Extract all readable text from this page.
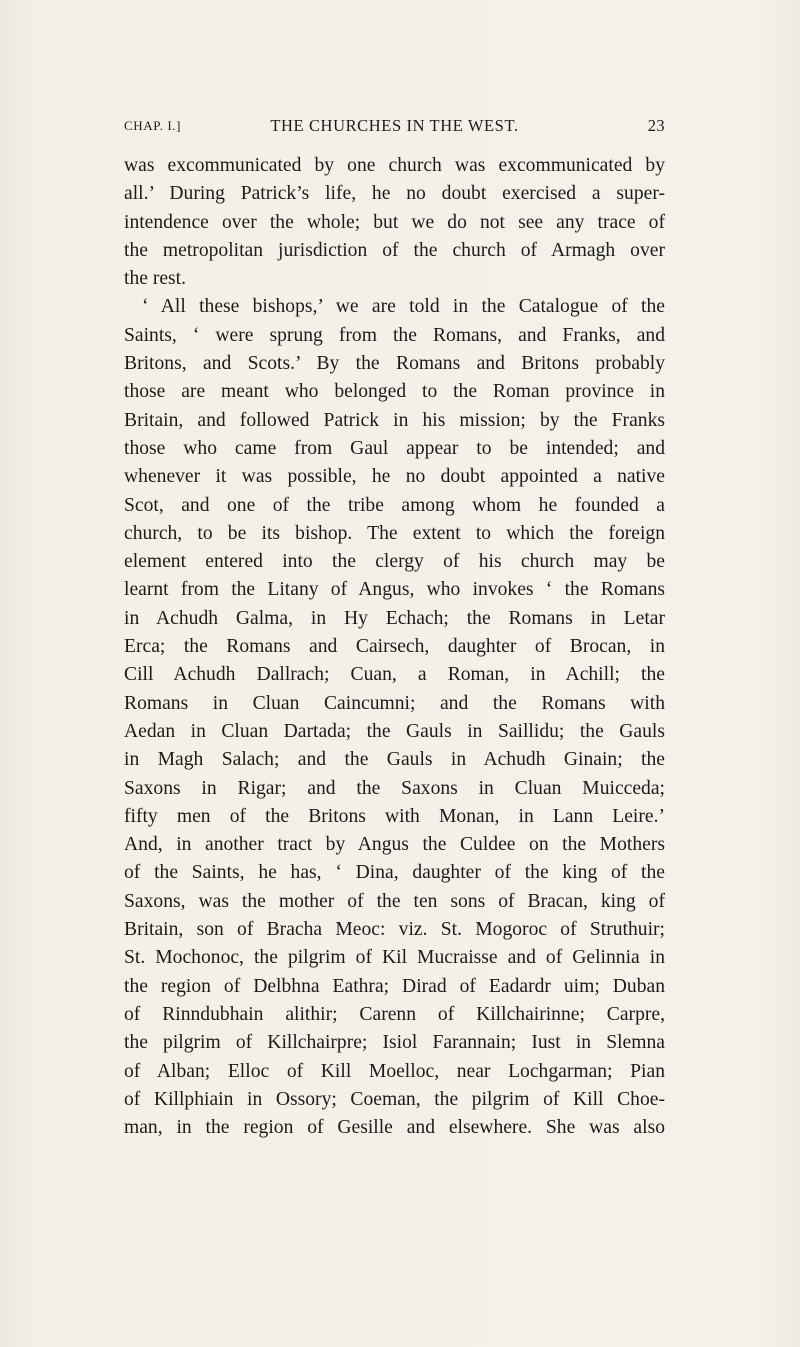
CHAP. I.]	THE CHURCHES IN THE WEST.	23
was excommunicated by one church was excommunicated by
all.’ During Patrick’s life, he no doubt exercised a super-
intendence over the whole; but we do not see any trace of
the metropolitan jurisdiction of the church of Armagh over
the rest.
‘ All these bishops,’ we are told in the Catalogue of the
Saints, ‘ were sprung from the Romans, and Franks, and
Britons, and Scots.’ By the Romans and Britons probably
those are meant who belonged to the Roman province in
Britain, and followed Patrick in his mission; by the Franks
those who came from Gaul appear to be intended; and
whenever it was possible, he no doubt appointed a native
Scot, and one of the tribe among whom he founded a
church, to be its bishop. The extent to which the foreign
element entered into the clergy of his church may be
learnt from the Litany of Angus, who invokes ‘ the Romans
in Achudh Galma, in Hy Echach; the Romans in Letar
Erca; the Romans and Cairsech, daughter of Brocan, in
Cill Achudh Dallrach; Cuan, a Roman, in Achill; the
Romans in Cluan Caincumni; and the Romans with
Aedan in Cluan Dartada; the Gauls in Saillidu; the Gauls
in Magh Salach; and the Gauls in Achudh Ginain; the
Saxons in Rigar; and the Saxons in Cluan Muicceda;
fifty men of the Britons with Monan, in Lann Leire.’
And, in another tract by Angus the Culdee on the Mothers
of the Saints, he has, ‘ Dina, daughter of the king of the
Saxons, was the mother of the ten sons of Bracan, king of
Britain, son of Bracha Meoc: viz. St. Mogoroc of Struthuir;
St. Mochonoc, the pilgrim of Kil Mucraisse and of Gelinnia in
the region of Delbhna Eathra; Dirad of Eadardr uim; Duban
of Rinndubhain alithir; Carenn of Killchairinne; Carpre,
the pilgrim of Killchairpre; Isiol Farannain; Iust in Slemna
of Alban; Elloc of Kill Moelloc, near Lochgarman; Pian
of Killphiain in Ossory; Coeman, the pilgrim of Kill Choe-
man, in the region of Gesille and elsewhere. She was also
